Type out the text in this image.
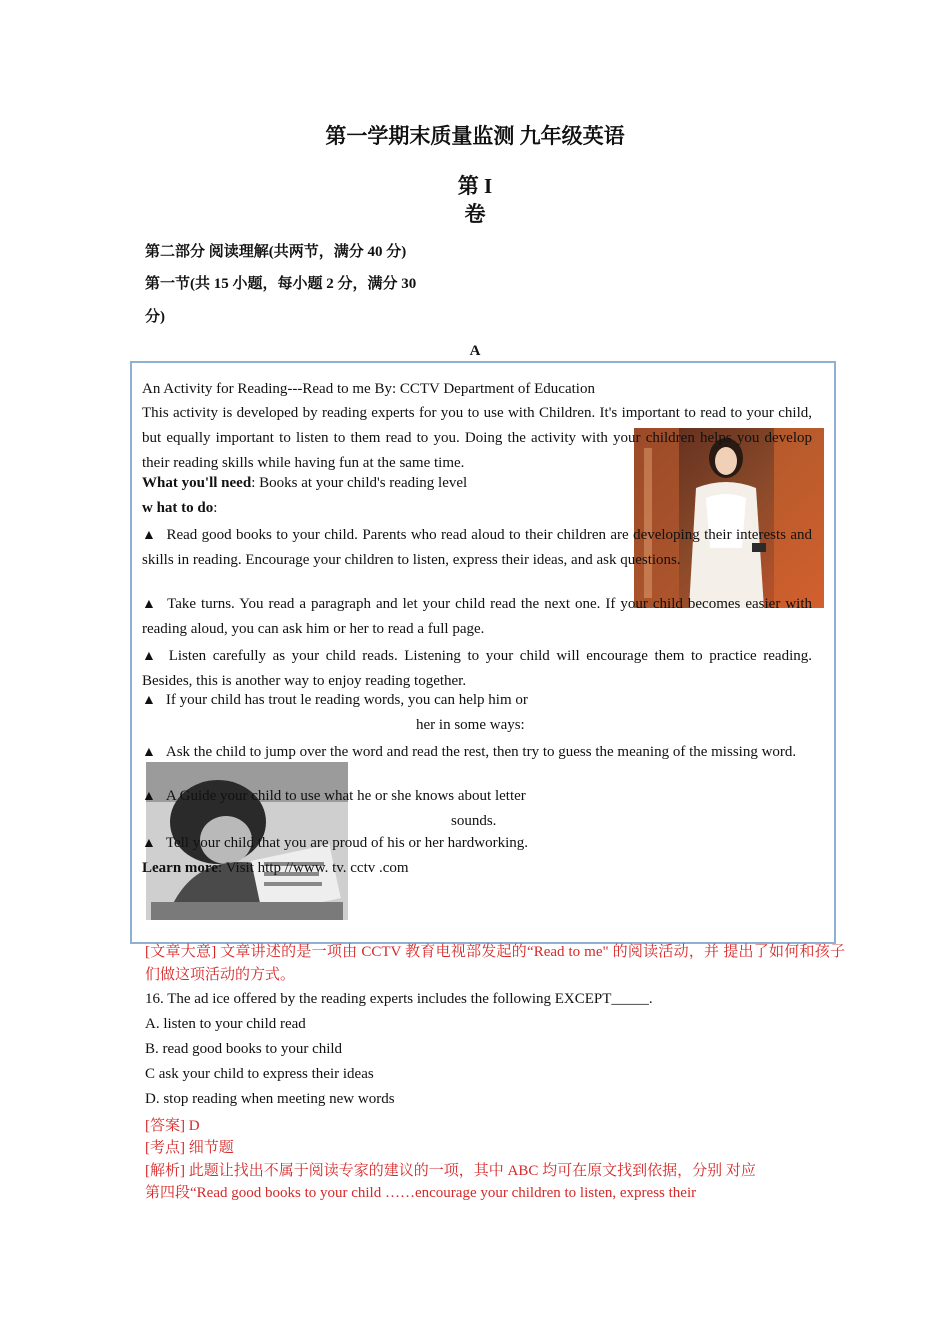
第一学期末质量监测 九年级英语
第 I
卷
第二部分 阅读理解(共两节，满分 40 分)
第一节(共 15 小题，每小题 2 分，满分 30
分)
A
An Activity for Reading---Read to me By: CCTV Department of Education
This activity is developed by reading experts for you to use with Children. It's important to read to your child, but equally important to listen to them read to you. Doing the activity with your children helps you develop their reading skills while having fun at the same time.
What you'll need: Books at your child's reading level
w hat to do:
▲ Read good books to your child. Parents who read aloud to their children are developing their interests and skills in reading. Encourage your children to listen, express their ideas, and ask questions.
▲ Take turns. You read a paragraph and let your child read the next one. If your child becomes easier with reading aloud, you can ask him or her to read a full page.
▲ Listen carefully as your child reads. Listening to your child will encourage them to practice reading. Besides, this is another way to enjoy reading together.
▲ If your child has trout le reading words, you can help him or
her in some ways:
▲ Ask the child to jump over the word and read the rest, then try to guess the meaning of the missing word.
▲ A Guide your child to use what he or she knows about letter
sounds.
▲ Tell your child that you are proud of his or her hardworking.
Learn more: Visit http //www. tv. cctv .com
[文章大意] 文章讲述的是一项由 CCTV 教育电视部发起的“Read to me" 的阅读活动，并 提出了如何和孩子们做这项活动的方式。
16. The ad ice offered by the reading experts includes the following EXCEPT_____.
A. listen to your child read
B. read good books to your child
C ask your child to express their ideas
D. stop reading when meeting new words
[答案] D
[考点] 细节题
[解析] 此题让找出不属于阅读专家的建议的一项，其中 ABC 均可在原文找到依据，分别 对应
第四段“Read good books to your child ……encourage your children to listen, express their
